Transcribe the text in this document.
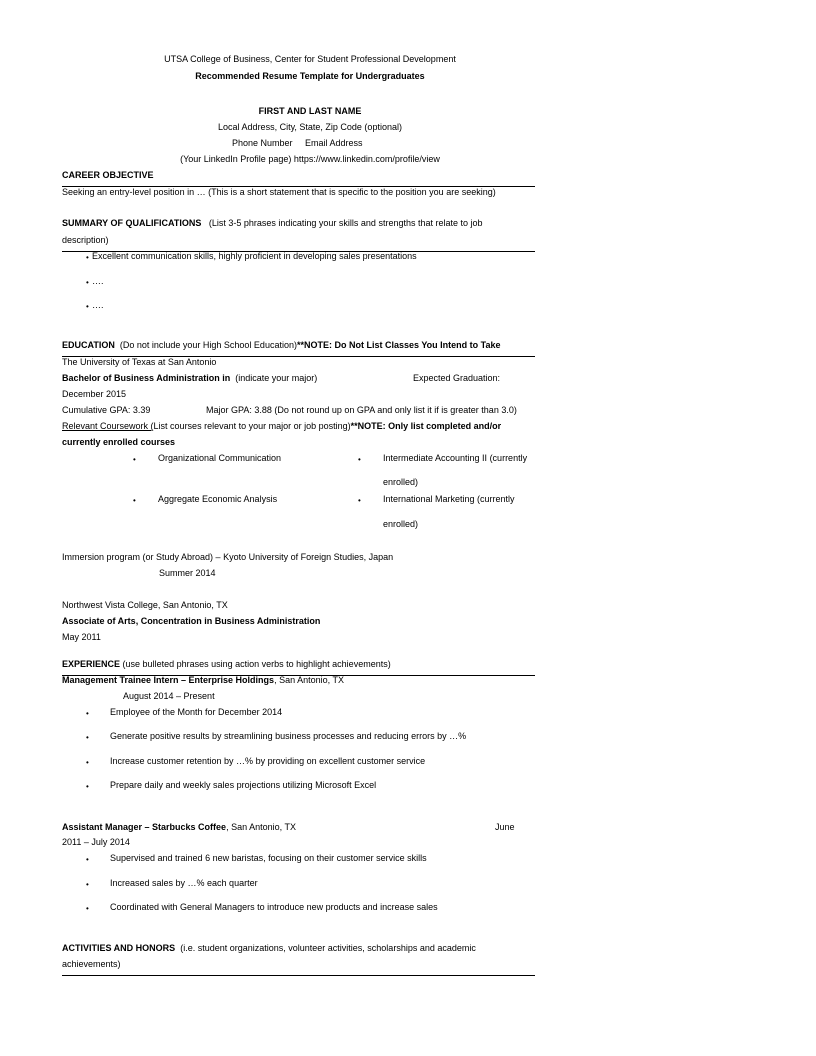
UTSA College of Business, Center for Student Professional Development
Recommended Resume Template for Undergraduates
FIRST AND LAST NAME
Local Address, City, State, Zip Code (optional)
Phone Number Email Address
(Your LinkedIn Profile page) https://www.linkedin.com/profile/view
CAREER OBJECTIVE
Seeking an entry-level position in … (This is a short statement that is specific to the position you are seeking)
SUMMARY OF QUALIFICATIONS (List 3-5 phrases indicating your skills and strengths that relate to job
description)
• Excellent communication skills, highly proficient in developing sales presentations
• ….
• ….
EDUCATION (Do not include your High School Education)**NOTE: Do Not List Classes You Intend to Take
The University of Texas at San Antonio
Bachelor of Business Administration in (indicate your major)	Expected Graduation:
December 2015
Cumulative GPA: 3.39	Major GPA: 3.88 (Do not round up on GPA and only list it if is greater than 3.0)
Relevant Coursework (List courses relevant to your major or job posting)**NOTE: Only list completed and/or
currently enrolled courses
• Organizational Communication	• Intermediate Accounting II (currently
enrolled)
• Aggregate Economic Analysis	• International Marketing (currently
enrolled)
Immersion program (or Study Abroad) – Kyoto University of Foreign Studies, Japan
Summer 2014
Northwest Vista College, San Antonio, TX
Associate of Arts, Concentration in Business Administration
May 2011
EXPERIENCE (use bulleted phrases using action verbs to highlight achievements)
Management Trainee Intern – Enterprise Holdings, San Antonio, TX
August 2014 – Present
• Employee of the Month for December 2014
• Generate positive results by streamlining business processes and reducing errors by …%
• Increase customer retention by …% by providing on excellent customer service
• Prepare daily and weekly sales projections utilizing Microsoft Excel
Assistant Manager – Starbucks Coffee, San Antonio, TX	June
2011 – July 2014
• Supervised and trained 6 new baristas, focusing on their customer service skills
• Increased sales by …% each quarter
• Coordinated with General Managers to introduce new products and increase sales
ACTIVITIES AND HONORS (i.e. student organizations, volunteer activities, scholarships and academic
achievements)
